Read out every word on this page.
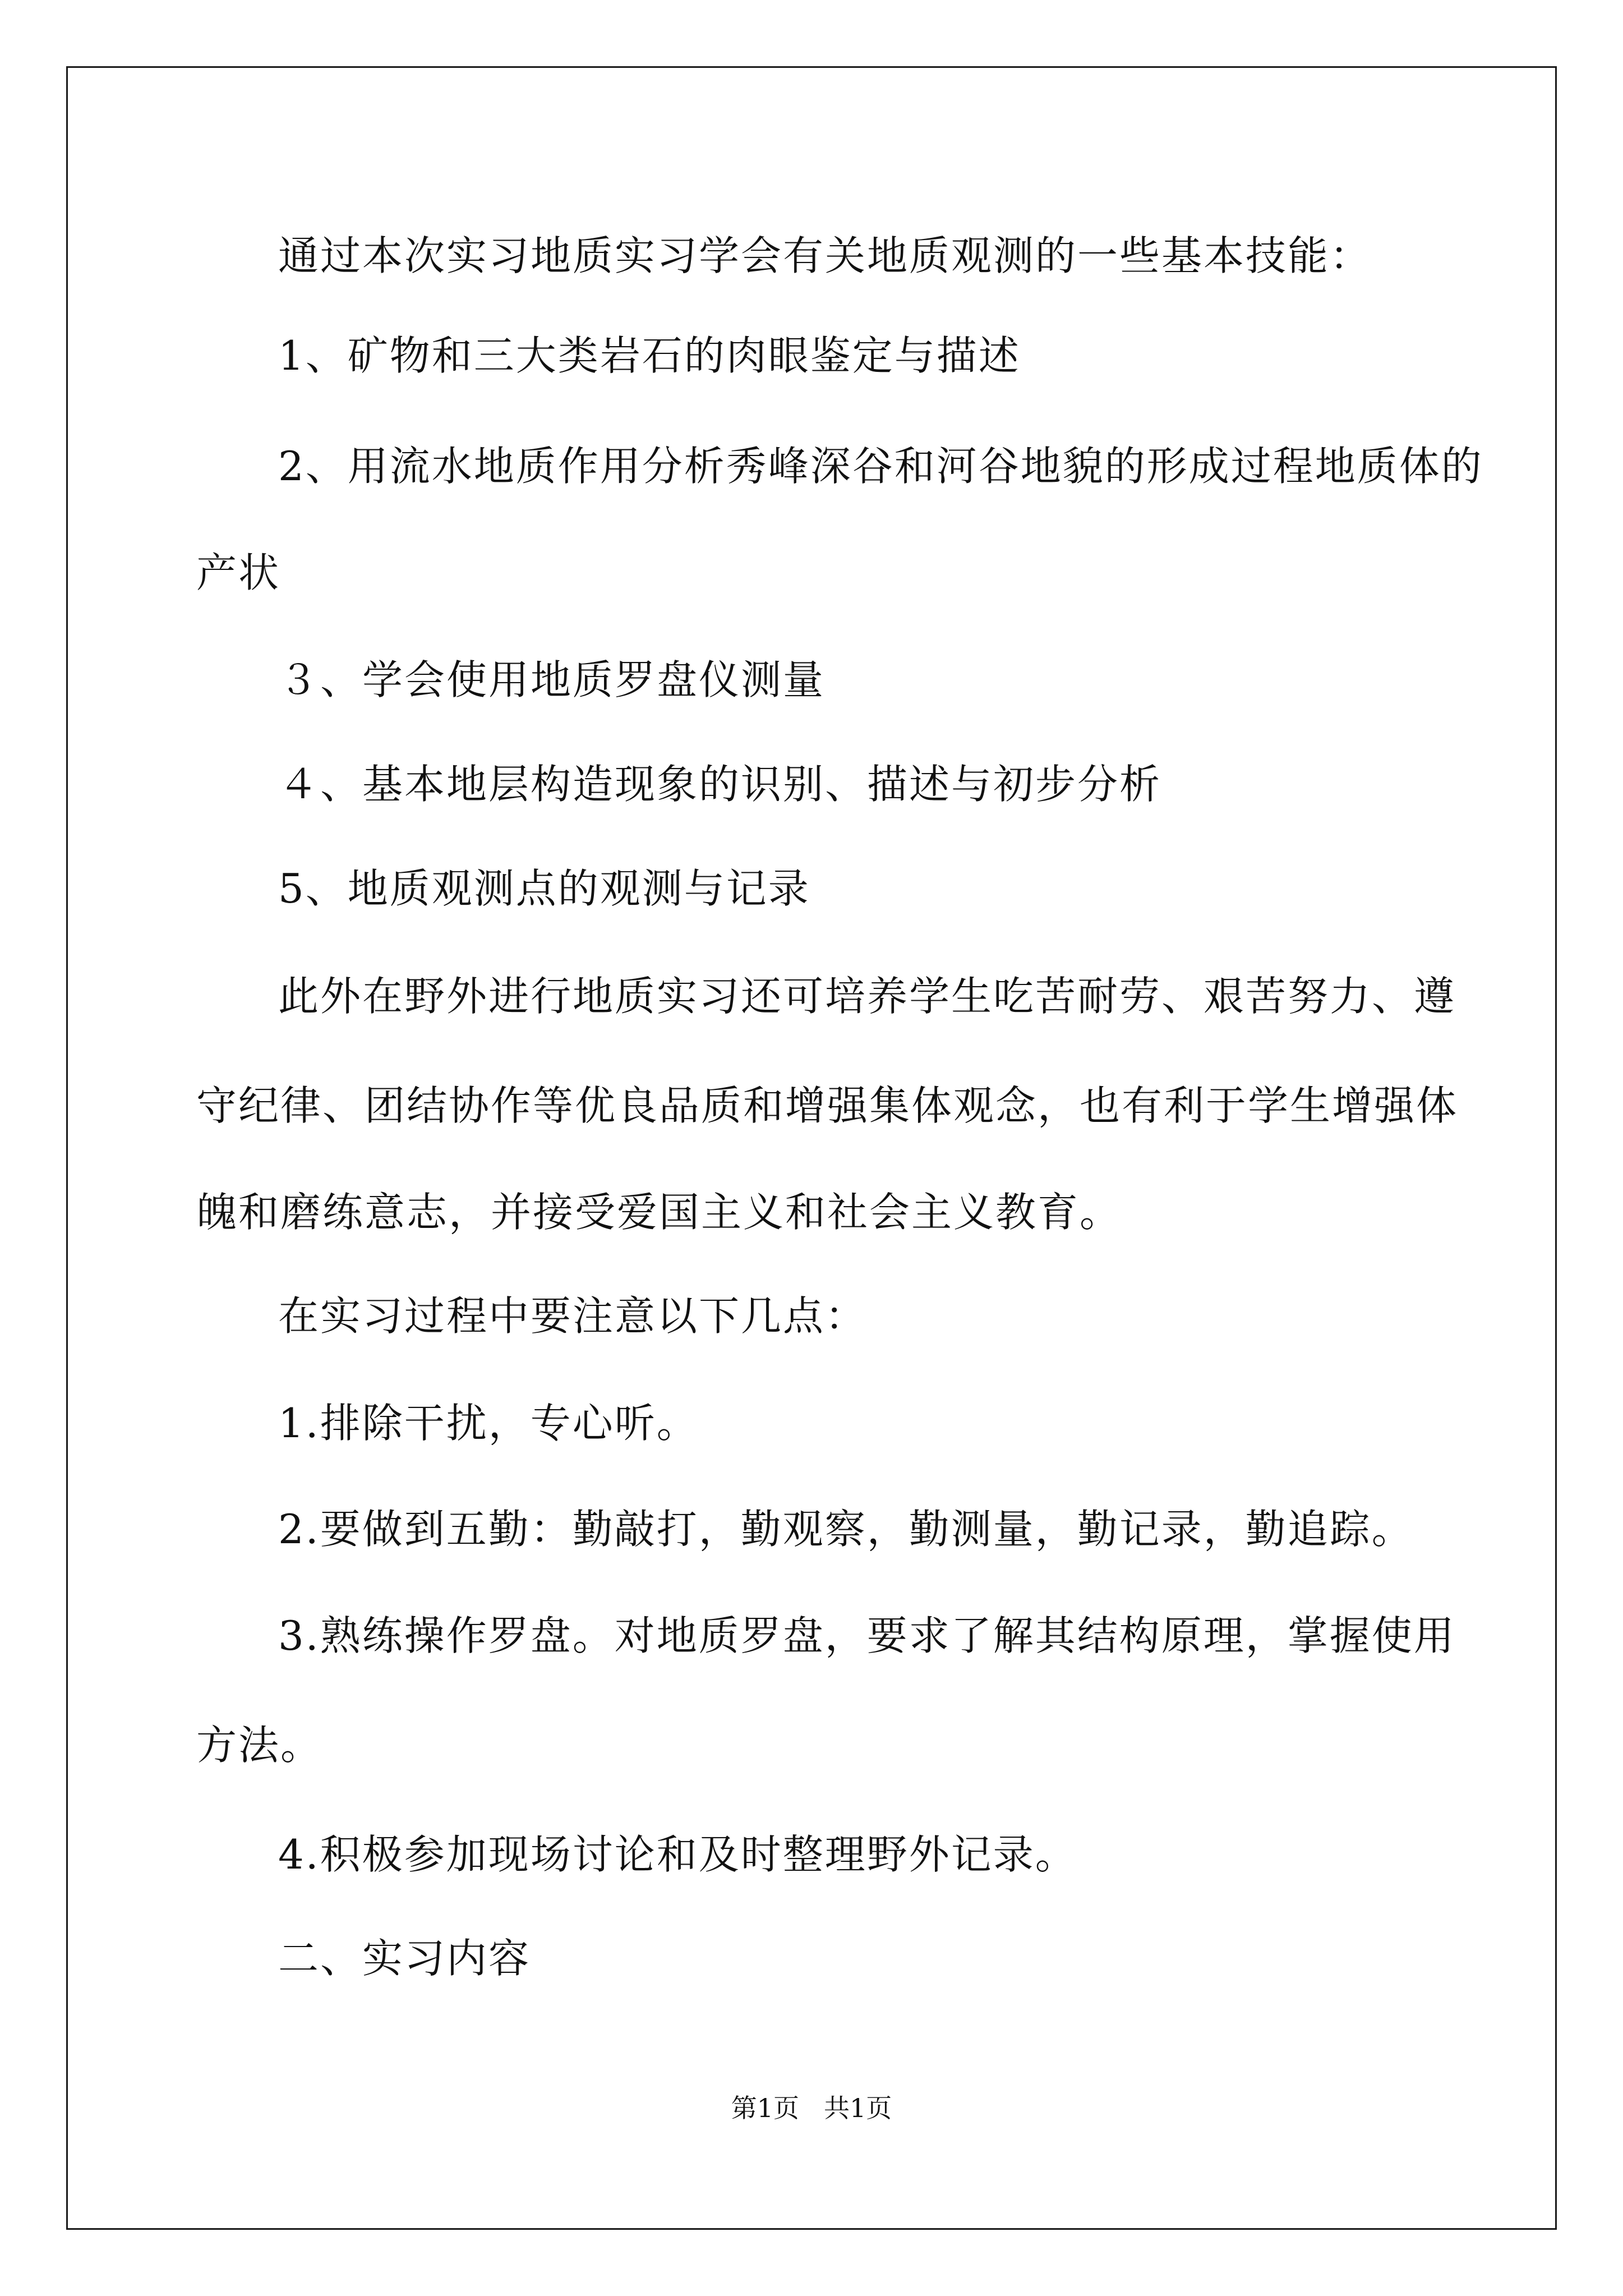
通过本次实习地质实习学会有关地质观测的一些基本技能：
1、矿物和三大类岩石的肉眼鉴定与描述
2、用流水地质作用分析秀峰深谷和河谷地貌的形成过程地质体的
产状
３、学会使用地质罗盘仪测量
４、基本地层构造现象的识别、描述与初步分析
5、地质观测点的观测与记录
此外在野外进行地质实习还可培养学生吃苦耐劳、艰苦努力、遵
守纪律、团结协作等优良品质和增强集体观念，也有利于学生增强体
魄和磨练意志，并接受爱国主义和社会主义教育。
在实习过程中要注意以下几点：
1.排除干扰，专心听。
2.要做到五勤：勤敲打，勤观察，勤测量，勤记录，勤追踪。
3.熟练操作罗盘。对地质罗盘，要求了解其结构原理，掌握使用
方法。
4.积极参加现场讨论和及时整理野外记录。
二、实习内容
第1页 共1页
